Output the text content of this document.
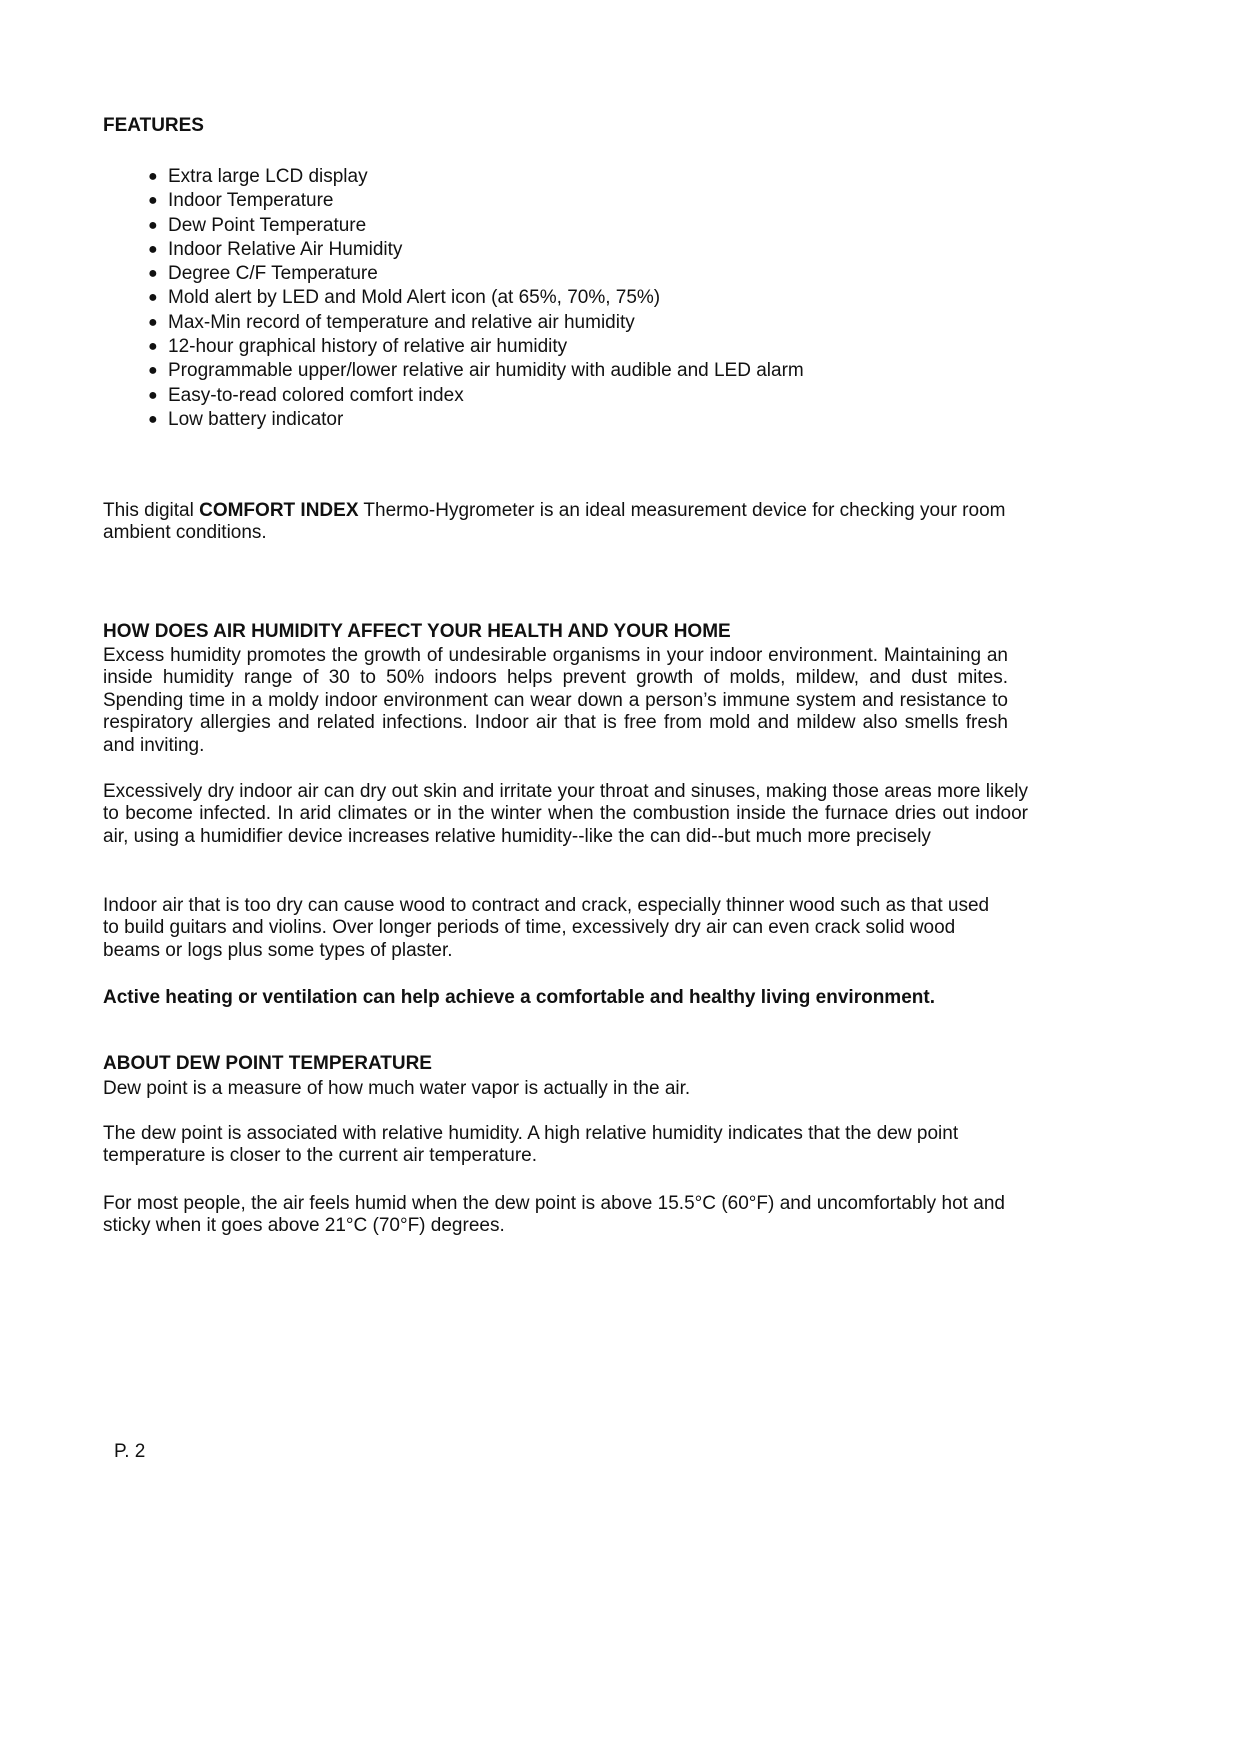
FEATURES
● Extra large LCD display
● Indoor Temperature
● Dew Point Temperature
● Indoor Relative Air Humidity
● Degree C/F Temperature
● Mold alert by LED and Mold Alert icon (at 65%, 70%, 75%)
● Max-Min record of temperature and relative air humidity
● 12-hour graphical history of relative air humidity
● Programmable upper/lower relative air humidity with audible and LED alarm
● Easy-to-read colored comfort index
● Low battery indicator
This digital COMFORT INDEX Thermo-Hygrometer is an ideal measurement device for checking your room ambient conditions.
HOW DOES AIR HUMIDITY AFFECT YOUR HEALTH AND YOUR HOME
Excess humidity promotes the growth of undesirable organisms in your indoor environment. Maintaining an inside humidity range of 30 to 50% indoors helps prevent growth of molds, mildew, and dust mites. Spending time in a moldy indoor environment can wear down a person’s immune system and resistance to respiratory allergies and related infections. Indoor air that is free from mold and mildew also smells fresh and inviting.
Excessively dry indoor air can dry out skin and irritate your throat and sinuses, making those areas more likely to become infected. In arid climates or in the winter when the combustion inside the furnace dries out indoor air, using a humidifier device increases relative humidity--like the can did--but much more precisely
Indoor air that is too dry can cause wood to contract and crack, especially thinner wood such as that used to build guitars and violins. Over longer periods of time, excessively dry air can even crack solid wood beams or logs plus some types of plaster.
Active heating or ventilation can help achieve a comfortable and healthy living environment.
ABOUT DEW POINT TEMPERATURE
Dew point is a measure of how much water vapor is actually in the air.
The dew point is associated with relative humidity. A high relative humidity indicates that the dew point temperature is closer to the current air temperature.
For most people, the air feels humid when the dew point is above 15.5°C (60°F) and uncomfortably hot and sticky when it goes above 21°C (70°F) degrees.
P. 2
